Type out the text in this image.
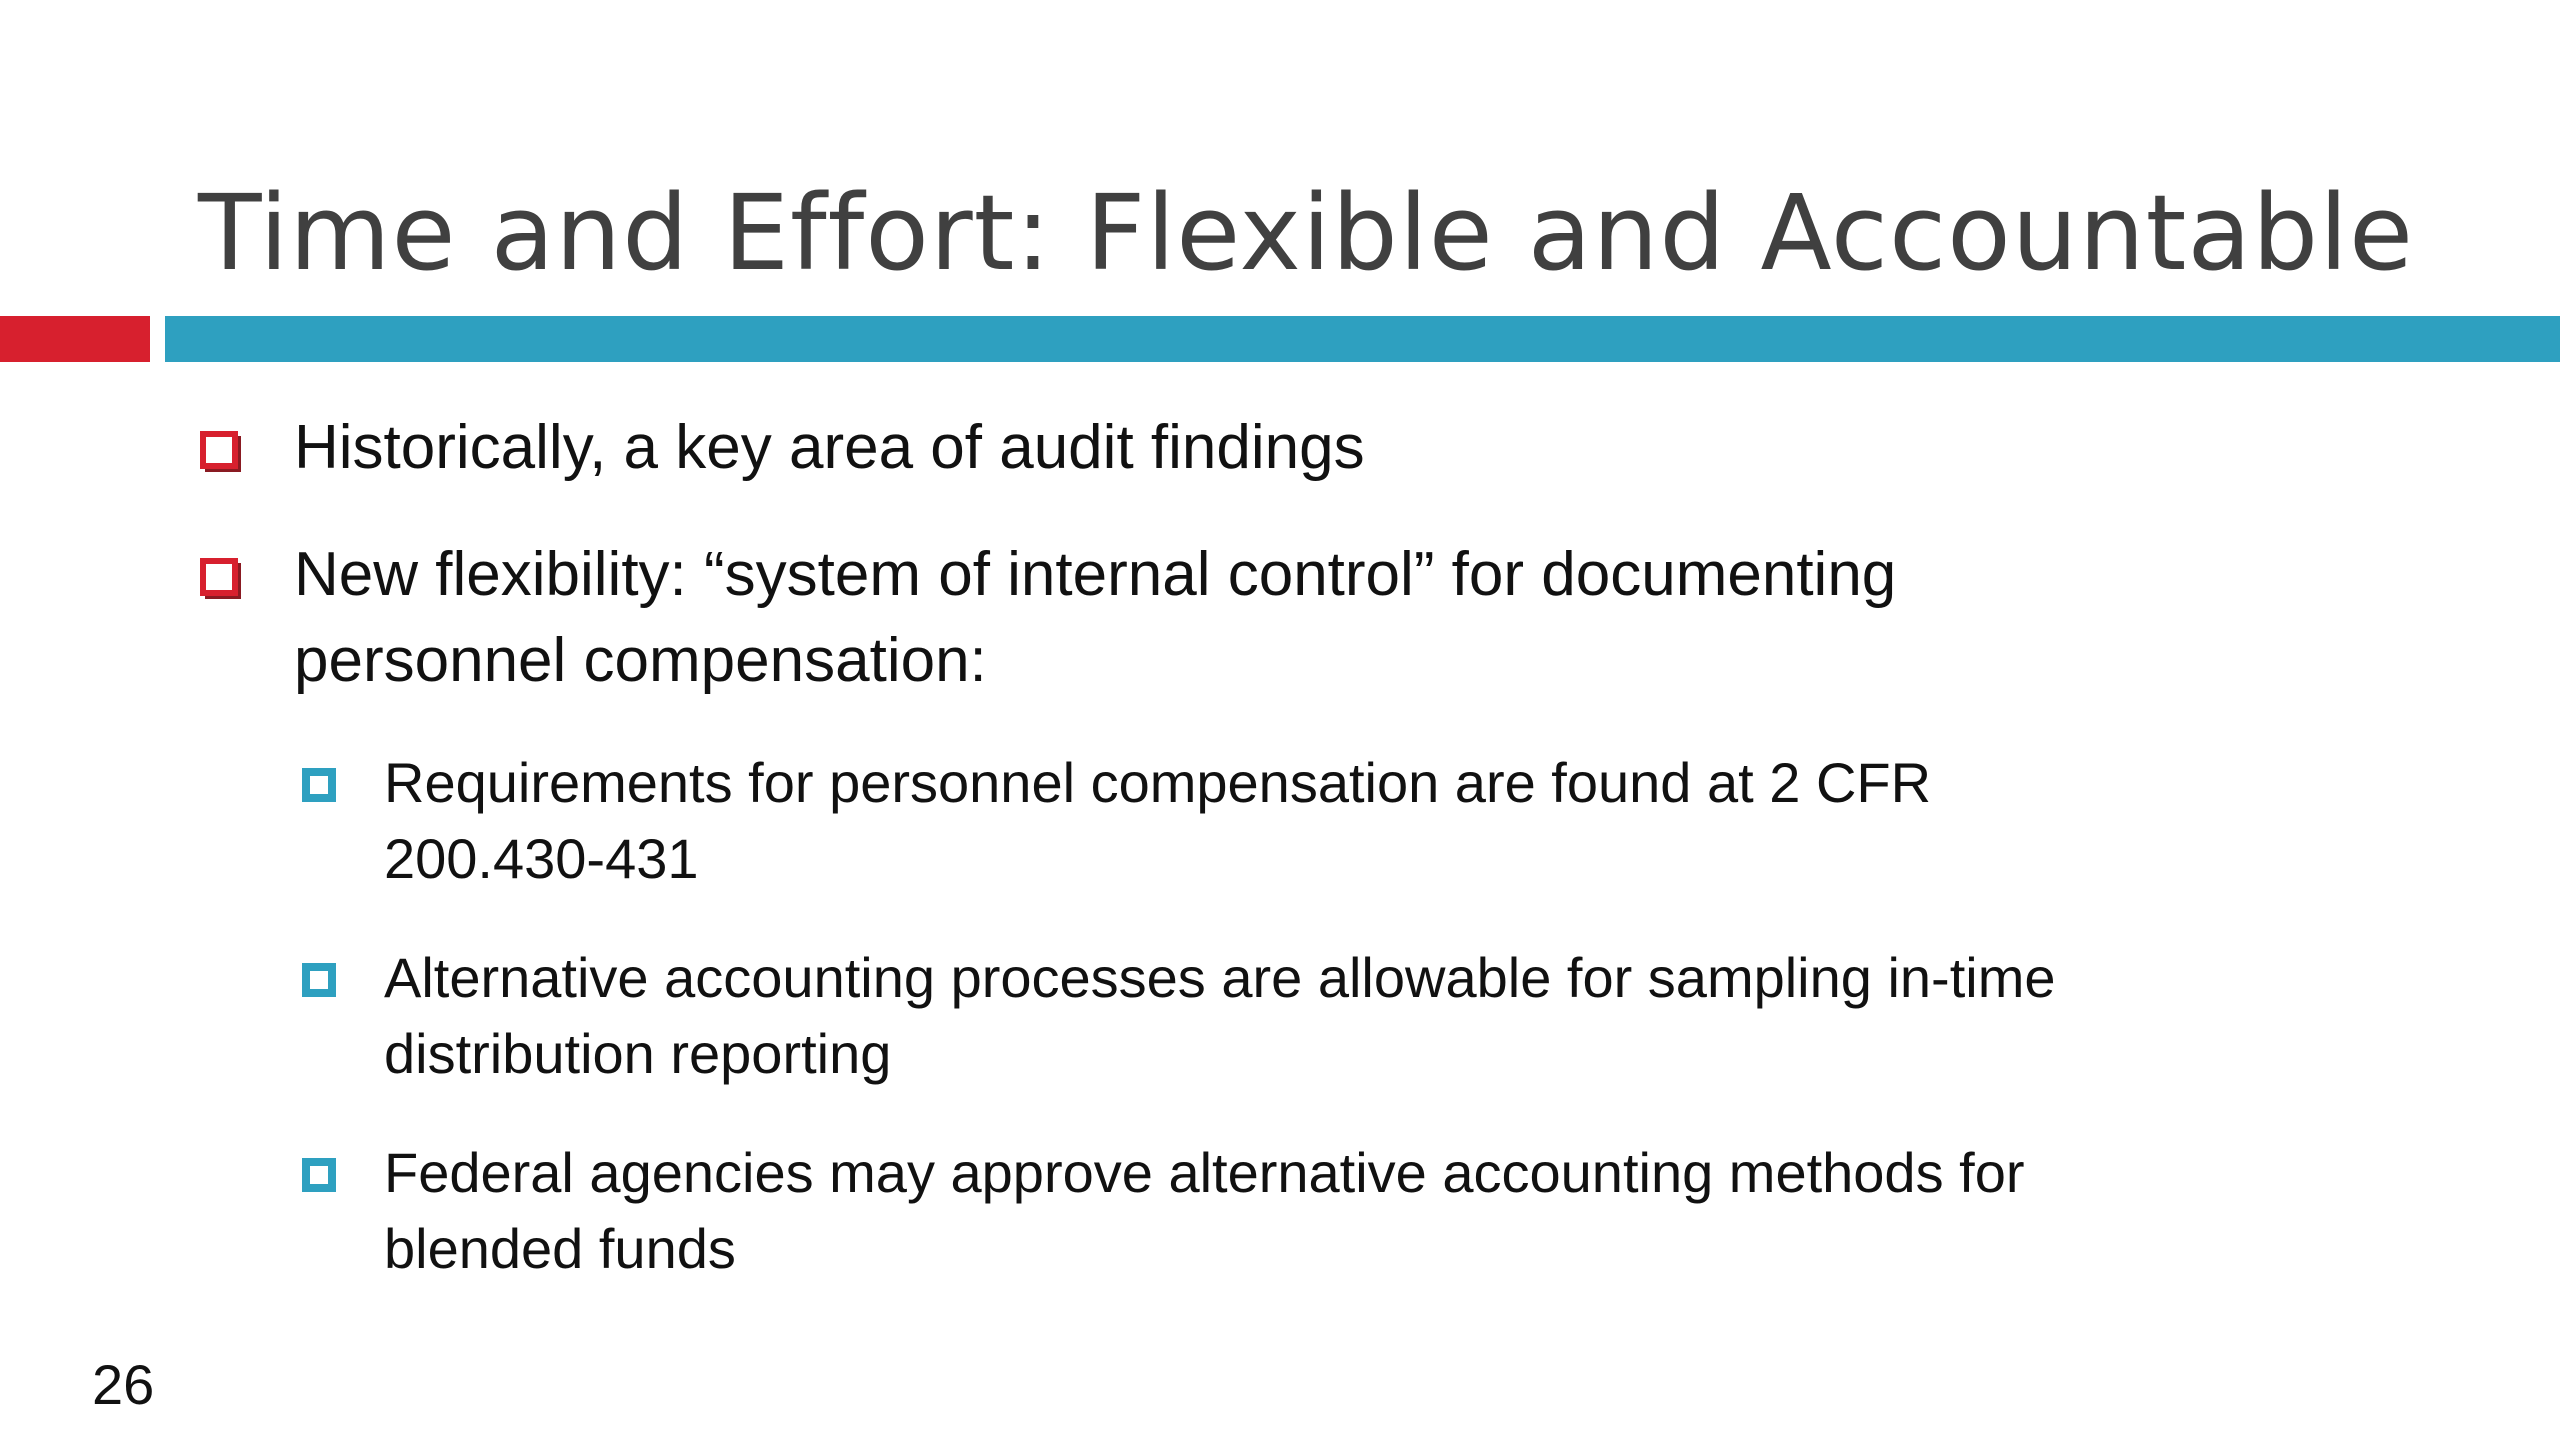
Time and Effort: Flexible and Accountable
Historically, a key area of audit findings
New flexibility: “system of internal control” for documenting
personnel compensation:
Requirements for personnel compensation are found at 2 CFR
200.430-431
Alternative accounting processes are allowable for sampling in-time
distribution reporting
Federal agencies may approve alternative accounting methods for
blended funds
26
